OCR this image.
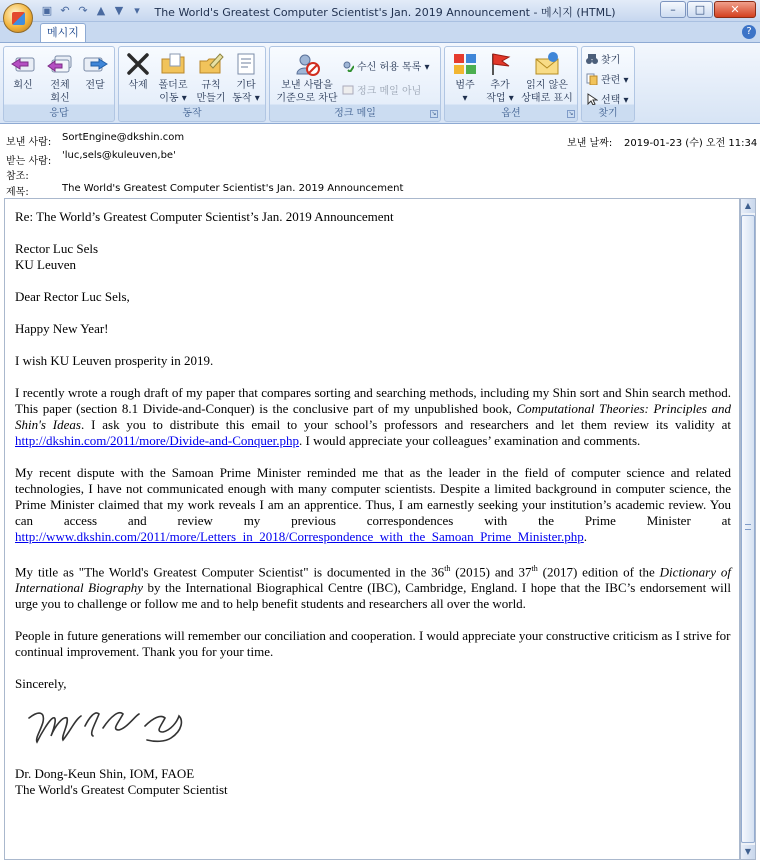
▣ ↶ ↷ ▲ ▼	▾	The World's Greatest Computer Scientist's Jan. 2019 Announcement - 메시지 (HTML)	–	□	✕
메시지	?
회신	전체
회신
전달
응답
삭제	폴더로
이동 ▾
규칙
만들기
기타
동작 ▾
동작
보낸 사람을
기준으로 차단
수신 허용 목록 ▾
정크 메일 아님
정크 메일	↘
범주
▾
추가
작업 ▾
읽지 않은
상태로 표시
옵션	↘
찾기
관련 ▾
선택 ▾
찾기
보낸 사람: SortEngine@dkshin.com
받는 사람:
'luc,sels@kuleuven,be'
참조:
제목:	The World's Greatest Computer Scientist's Jan. 2019 Announcement
보낸 날짜: 2019-01-23 (수) 오전 11:34

Re: The World’s Greatest Computer Scientist’s Jan. 2019 Announcement

Rector Luc Sels
KU Leuven

Dear Rector Luc Sels,

Happy New Year!

I wish KU Leuven prosperity in 2019.

I recently wrote a rough draft of my paper that compares sorting and searching methods, including my Shin sort and Shin search method. This paper (section 8.1 Divide-and-Conquer) is the conclusive part of my unpublished book, Computational Theories: Principles and Shin's Ideas. I ask you to distribute this email to your school’s professors and researchers and let them review its validity at http://dkshin.com/2011/more/Divide-and-Conquer.php. I would appreciate your colleagues’ examination and comments.

My recent dispute with the Samoan Prime Minister reminded me that as the leader in the field of computer science and related technologies, I have not communicated enough with many computer scientists. Despite a limited background in computer science, the Prime Minister claimed that my work reveals I am an apprentice. Thus, I am earnestly seeking your institution’s academic review. You can access and review my previous correspondences with the Prime Minister at http://www.dkshin.com/2011/more/Letters_in_2018/Correspondence_with_the_Samoan_Prime_Minister.php.

My title as "The World's Greatest Computer Scientist" is documented in the 36th (2015) and 37th (2017) edition of the Dictionary of International Biography by the International Biographical Centre (IBC), Cambridge, England. I hope that the IBC’s endorsement will urge you to challenge or follow me and to help benefit students and researchers all over the world.

People in future generations will remember our conciliation and cooperation. I would appreciate your constructive criticism as I strive for continual improvement. Thank you for your time.

Sincerely,
Dr. Dong-Keun Shin, IOM, FAOE
The World's Greatest Computer Scientist
▲
▼
